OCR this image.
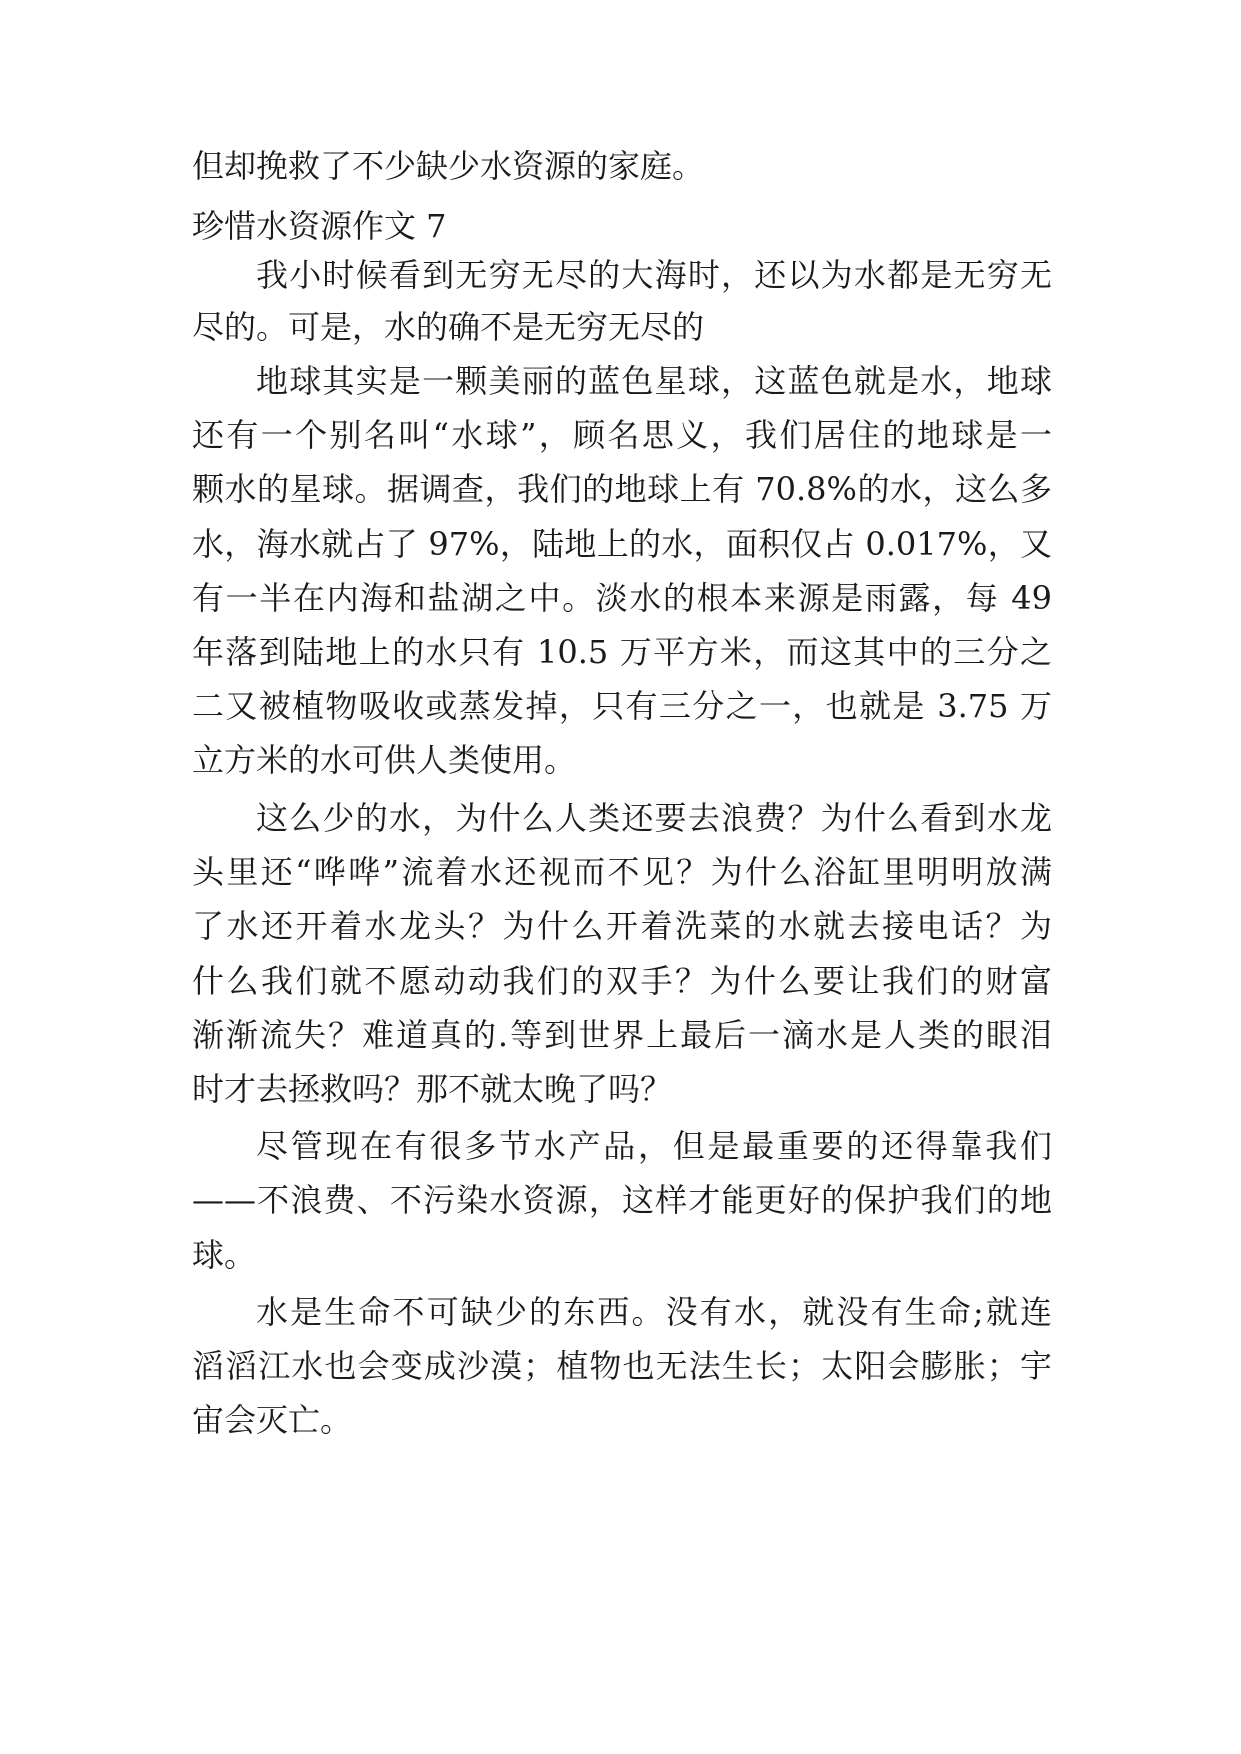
但却挽救了不少缺少水资源的家庭。
珍惜水资源作文 7
我小时候看到无穷无尽的大海时，还以为水都是无穷无
尽的。可是，水的确不是无穷无尽的
地球其实是一颗美丽的蓝色星球，这蓝色就是水，地球
还有一个别名叫“水球”，顾名思义，我们居住的地球是一
颗水的星球。据调查，我们的地球上有 70.8%的水，这么多
水，海水就占了 97%，陆地上的水，面积仅占 0.017%，又
有一半在内海和盐湖之中。淡水的根本来源是雨露，每 49
年落到陆地上的水只有 10.5 万平方米，而这其中的三分之
二又被植物吸收或蒸发掉，只有三分之一，也就是 3.75 万
立方米的水可供人类使用。
这么少的水，为什么人类还要去浪费？为什么看到水龙
头里还“哗哗”流着水还视而不见？为什么浴缸里明明放满
了水还开着水龙头？为什么开着洗菜的水就去接电话？为
什么我们就不愿动动我们的双手？为什么要让我们的财富
渐渐流失？难道真的.等到世界上最后一滴水是人类的眼泪
时才去拯救吗？那不就太晚了吗？
尽管现在有很多节水产品，但是最重要的还得靠我们
——不浪费、不污染水资源，这样才能更好的保护我们的地
球。
水是生命不可缺少的东西。没有水，就没有生命;就连
滔滔江水也会变成沙漠；植物也无法生长；太阳会膨胀；宇
宙会灭亡。
